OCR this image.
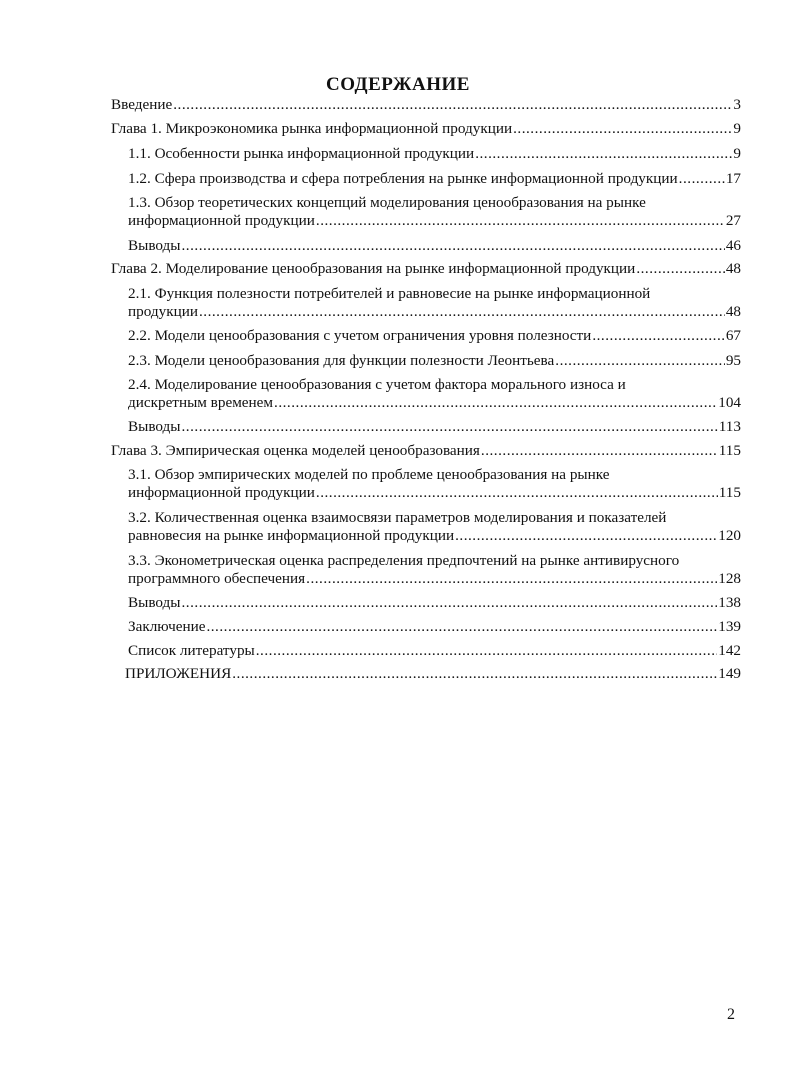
СОДЕРЖАНИЕ
Введение .....	3
Глава 1. Микроэкономика рынка информационной продукции .....	9
1.1. Особенности рынка информационной продукции .....	9
1.2. Сфера производства и сфера потребления на рынке информационной продукции .....	17
1.3. Обзор теоретических концепций моделирования ценообразования на рынке
информационной продукции .....	27
Выводы .....	46
Глава 2. Моделирование ценообразования на рынке информационной продукции .....	48
2.1. Функция полезности потребителей и равновесие на рынке информационной
продукции .....	48
2.2. Модели ценообразования с учетом ограничения уровня полезности .....	67
2.3. Модели ценообразования для функции полезности Леонтьева .....	95
2.4. Моделирование ценообразования с учетом фактора морального износа и
дискретным временем .....	104
Выводы .....	113
Глава 3. Эмпирическая оценка моделей ценообразования .....	115
3.1. Обзор эмпирических моделей по проблеме ценообразования на рынке
информационной продукции .....	115
3.2. Количественная оценка взаимосвязи параметров моделирования и показателей
равновесия на рынке информационной продукции .....	120
3.3. Эконометрическая оценка распределения предпочтений на рынке антивирусного
программного обеспечения .....	128
Выводы .....	138
Заключение .....	139
Список литературы .....	142
ПРИЛОЖЕНИЯ .....	149
2
